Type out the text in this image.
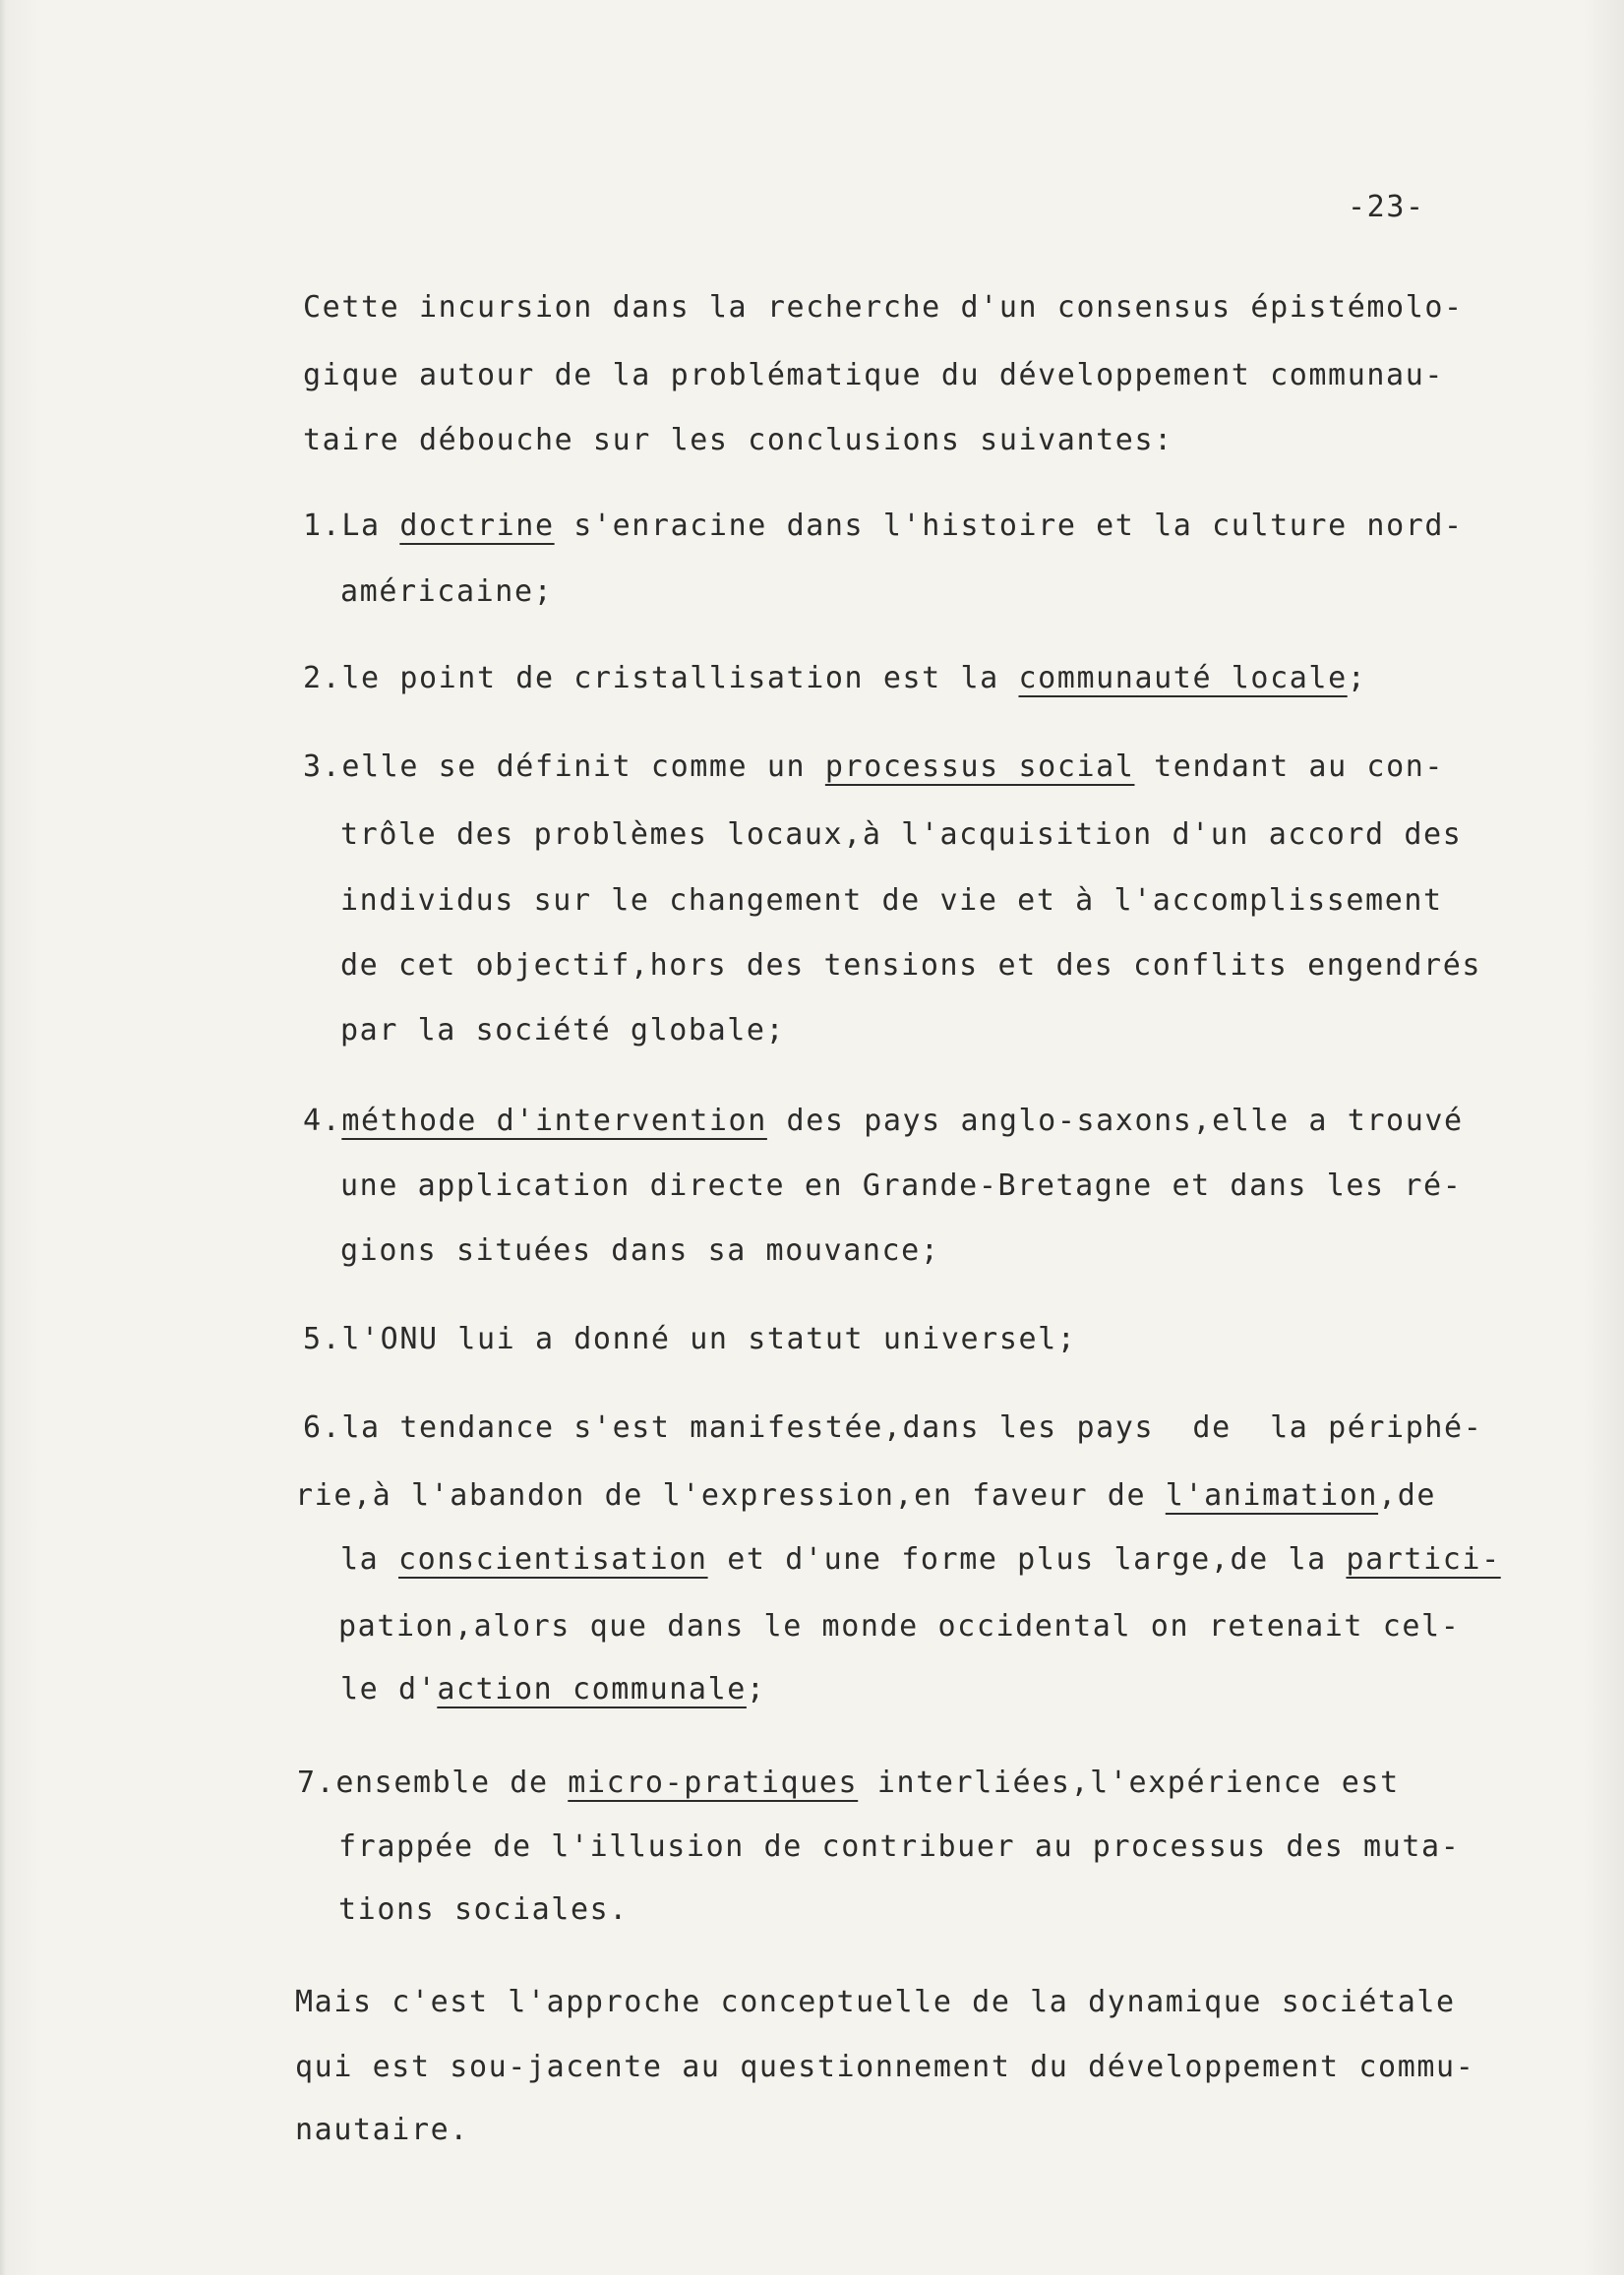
-23-
Cette incursion dans la recherche d'un consensus épistémolo-
gique autour de la problématique du développement communau-
taire débouche sur les conclusions suivantes:
1.La doctrine s'enracine dans l'histoire et la culture nord-
américaine;
2.le point de cristallisation est la communauté locale;
3.elle se définit comme un processus social tendant au con-
trôle des problèmes locaux,à l'acquisition d'un accord des
individus sur le changement de vie et à l'accomplissement
de cet objectif,hors des tensions et des conflits engendrés
par la société globale;
4.méthode d'intervention des pays anglo-saxons,elle a trouvé
une application directe en Grande-Bretagne et dans les ré-
gions situées dans sa mouvance;
5.l'ONU lui a donné un statut universel;
6.la tendance s'est manifestée,dans les pays  de  la périphé-
rie,à l'abandon de l'expression,en faveur de l'animation,de
la conscientisation et d'une forme plus large,de la partici-
pation,alors que dans le monde occidental on retenait cel-
le d'action communale;
7.ensemble de micro-pratiques interliées,l'expérience est
frappée de l'illusion de contribuer au processus des muta-
tions sociales.
Mais c'est l'approche conceptuelle de la dynamique sociétale
qui est sou-jacente au questionnement du développement commu-
nautaire.
